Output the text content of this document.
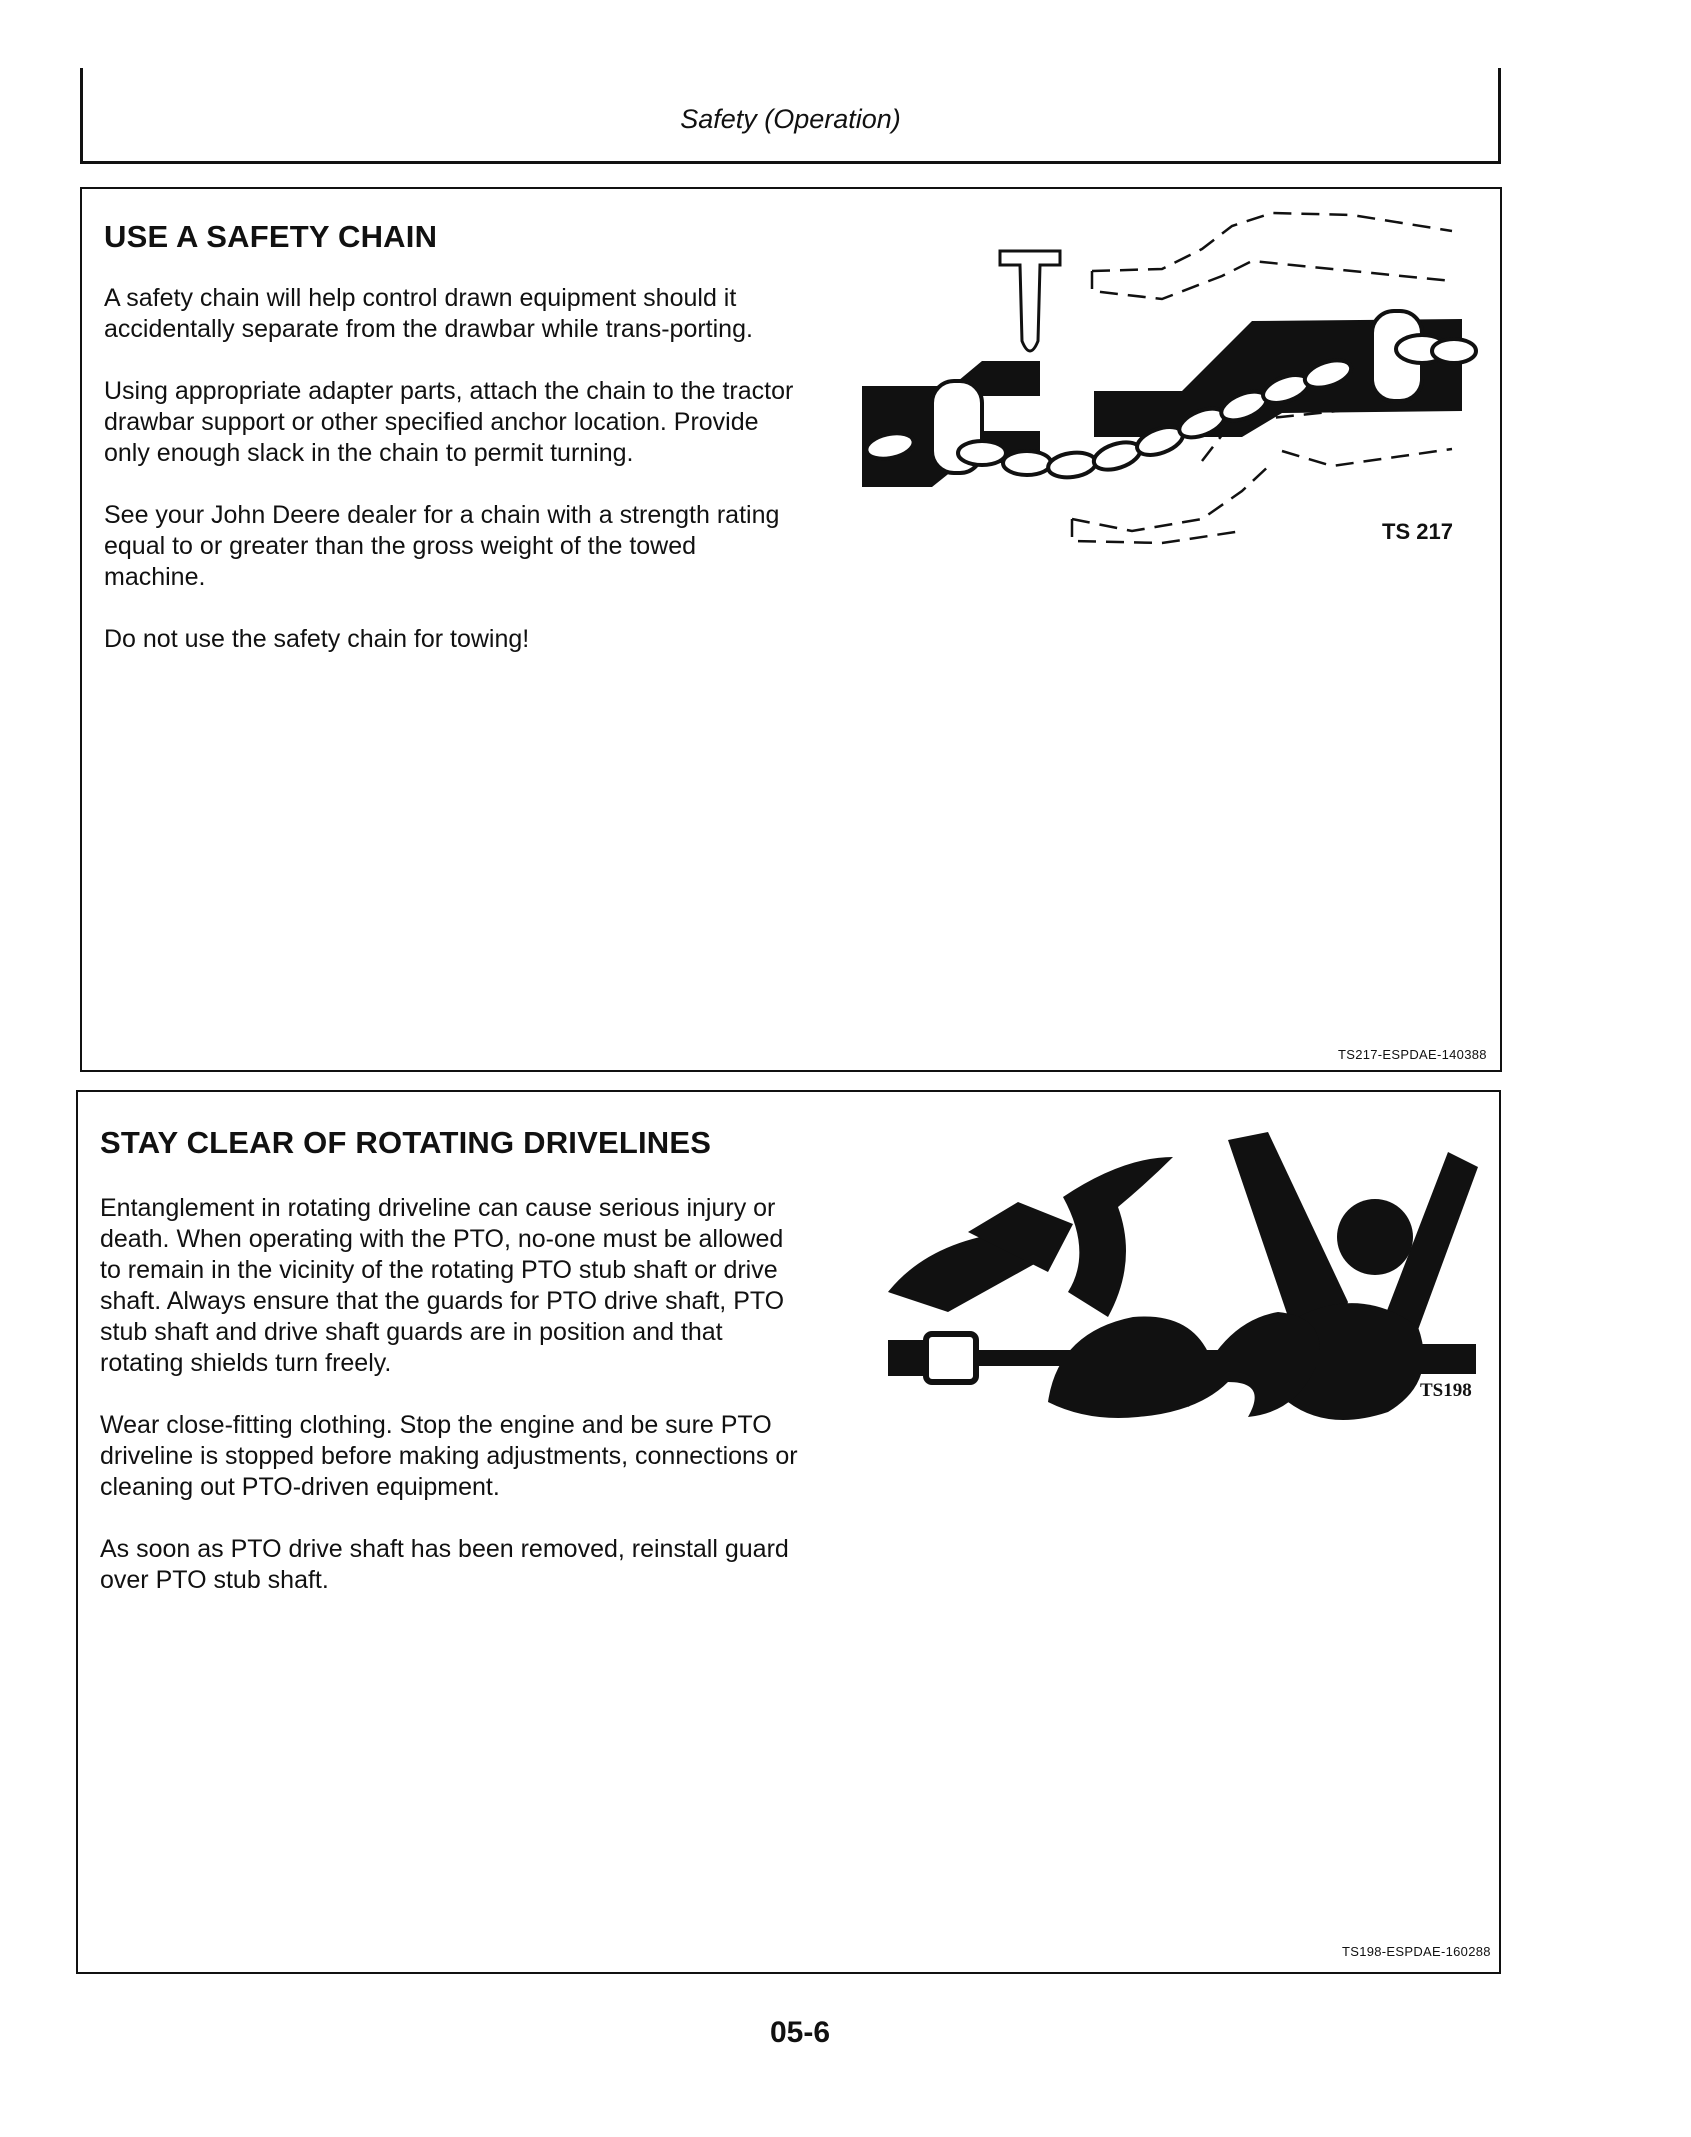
Safety (Operation)
USE A SAFETY CHAIN

A safety chain will help control drawn equipment should it accidentally separate from the drawbar while trans-porting.

Using appropriate adapter parts, attach the chain to the tractor drawbar support or other specified anchor location. Provide only enough slack in the chain to permit turning.

See your John Deere dealer for a chain with a strength rating equal to or greater than the gross weight of the towed machine.

Do not use the safety chain for towing!

TS 217
TS217-ESPDAE-140388
STAY CLEAR OF ROTATING DRIVELINES

Entanglement in rotating driveline can cause serious injury or death. When operating with the PTO, no-one must be allowed to remain in the vicinity of the rotating PTO stub shaft or drive shaft. Always ensure that the guards for PTO drive shaft, PTO stub shaft and drive shaft guards are in position and that rotating shields turn freely.

Wear close-fitting clothing. Stop the engine and be sure PTO driveline is stopped before making adjustments, connections or cleaning out PTO-driven equipment.

As soon as PTO drive shaft has been removed, reinstall guard over PTO stub shaft.

TS198
TS198-ESPDAE-160288
05-6
